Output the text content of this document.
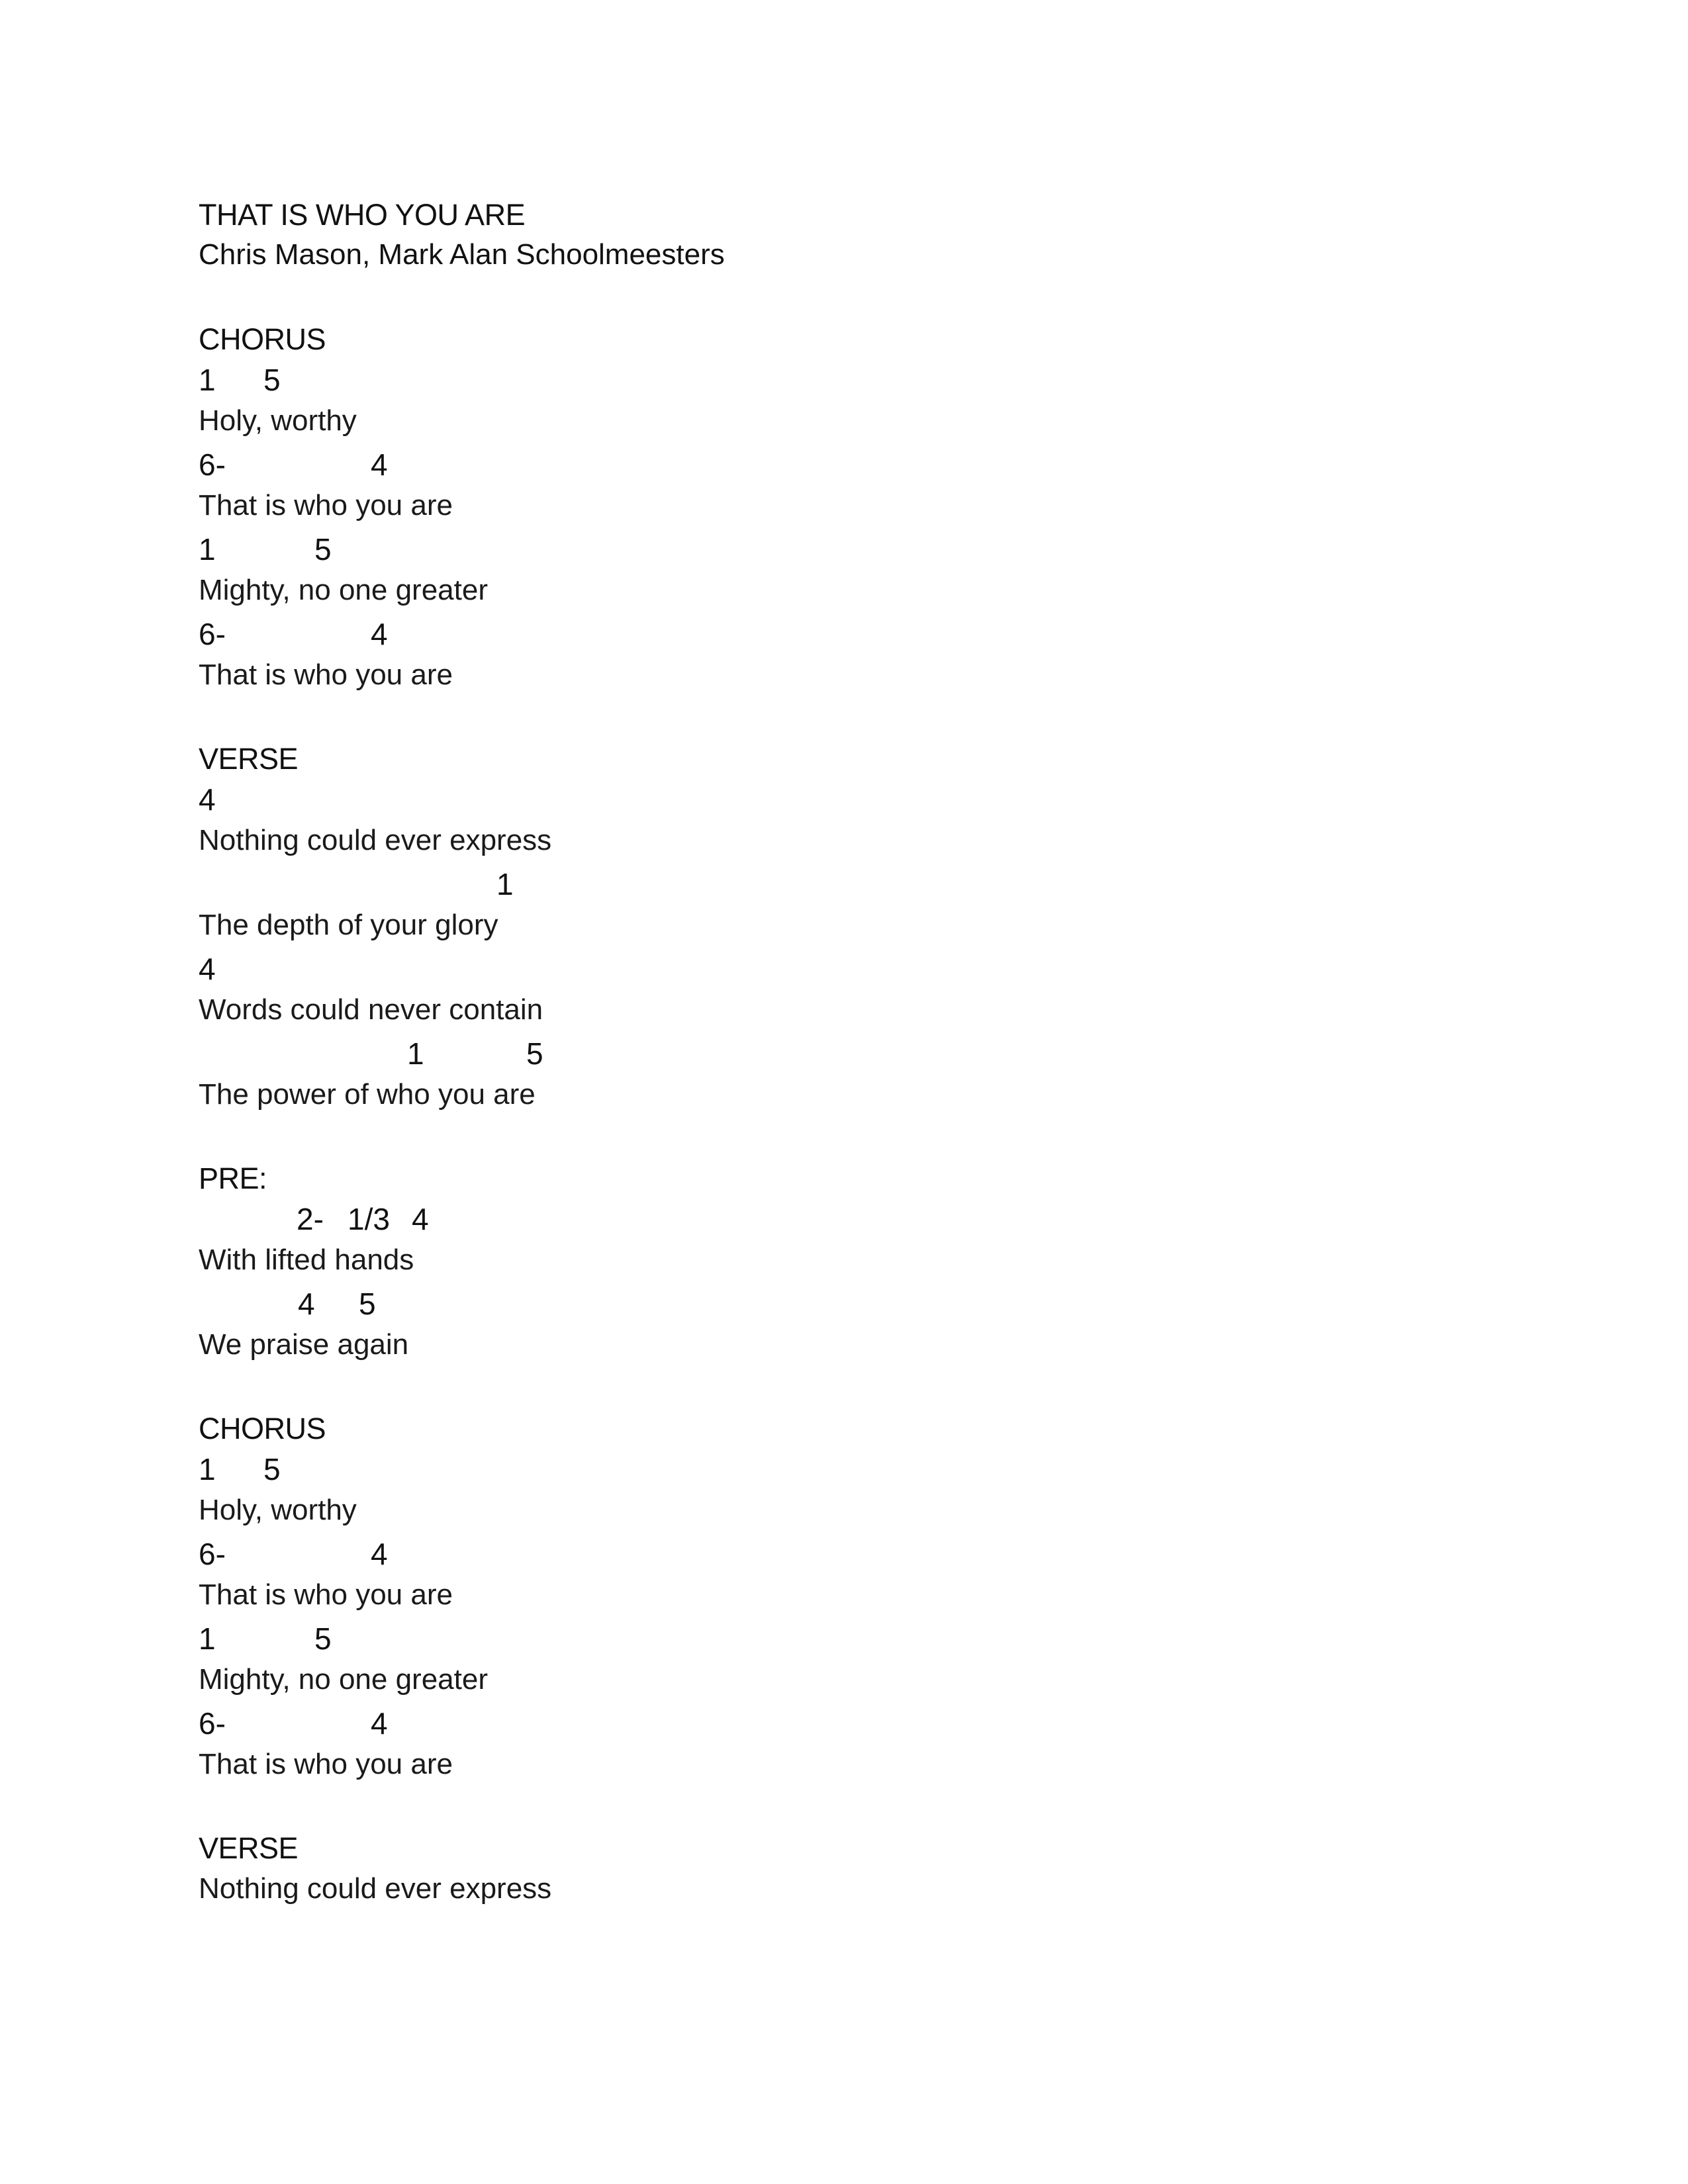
THAT IS WHO YOU ARE
Chris Mason, Mark Alan Schoolmeesters
CHORUS

1

5

Holy, worthy

6-

	4

That is who you are

1

	5

Mighty, no one greater

6-

	4

That is who you are
VERSE

4

Nothing could ever express

1

The depth of your glory

4

Words could never contain

1

	5

The power of who you are
PRE:

2-

1/3

4

With lifted hands

4

5

We praise again
CHORUS

1

5

Holy, worthy

6-

	4

That is who you are

1

	5

Mighty, no one greater

6-

	4

That is who you are
VERSE
Nothing could ever express
